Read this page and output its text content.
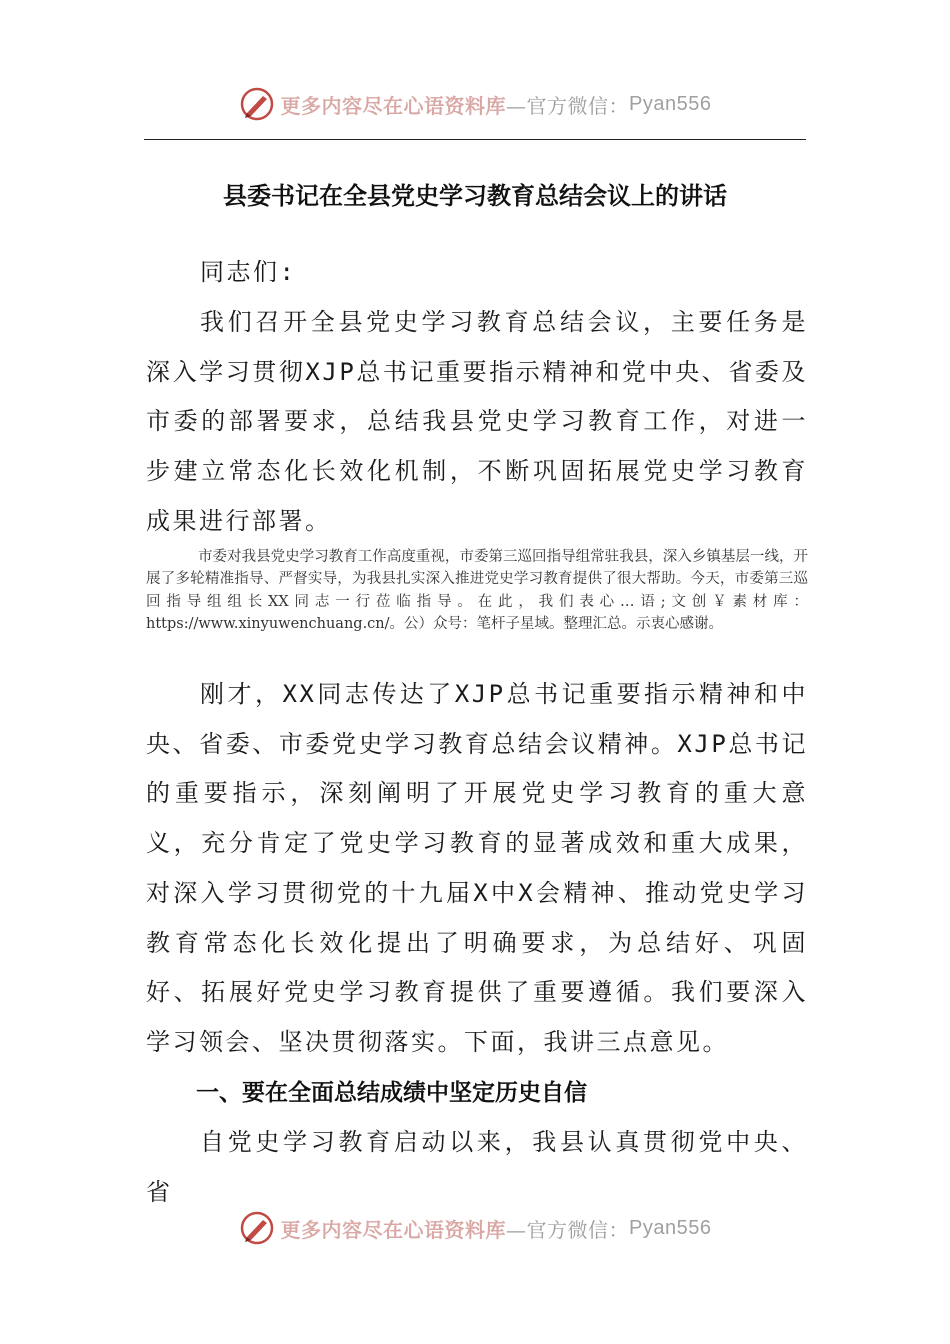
更多内容尽在心语资料库 —官方微信： Pyan556
县委书记在全县党史学习教育总结会议上的讲话

同志们:

我们召开全县党史学习教育总结会议，主要任务是深入学习贯彻XJP总书记重要指示精神和党中央、省委及市委的部署要求，总结我县党史学习教育工作，对进一步建立常态化长效化机制，不断巩固拓展党史学习教育成果进行部署。

市委对我县党史学习教育工作高度重视，市委第三巡回指导组常驻我县，深入乡镇基层一线，开展了多轮精准指导、严督实导，为我县扎实深入推进党史学习教育提供了很大帮助。今天，市委第三巡回指导组组长XX同志一行莅临指导。在此，我们表心…语;文创￥素材库：https://www.xinyuwenchuang.cn/。公）众号：笔杆子星域。整理汇总。示衷心感谢。

刚才，XX同志传达了XJP总书记重要指示精神和中央、省委、市委党史学习教育总结会议精神。XJP总书记的重要指示，深刻阐明了开展党史学习教育的重大意义，充分肯定了党史学习教育的显著成效和重大成果，对深入学习贯彻党的十九届X中X会精神、推动党史学习教育常态化长效化提出了明确要求，为总结好、巩固好、拓展好党史学习教育提供了重要遵循。我们要深入学习领会、坚决贯彻落实。下面，我讲三点意见。

一、要在全面总结成绩中坚定历史自信

自党史学习教育启动以来，我县认真贯彻党中央、省

更多内容尽在心语资料库 —官方微信： Pyan556
